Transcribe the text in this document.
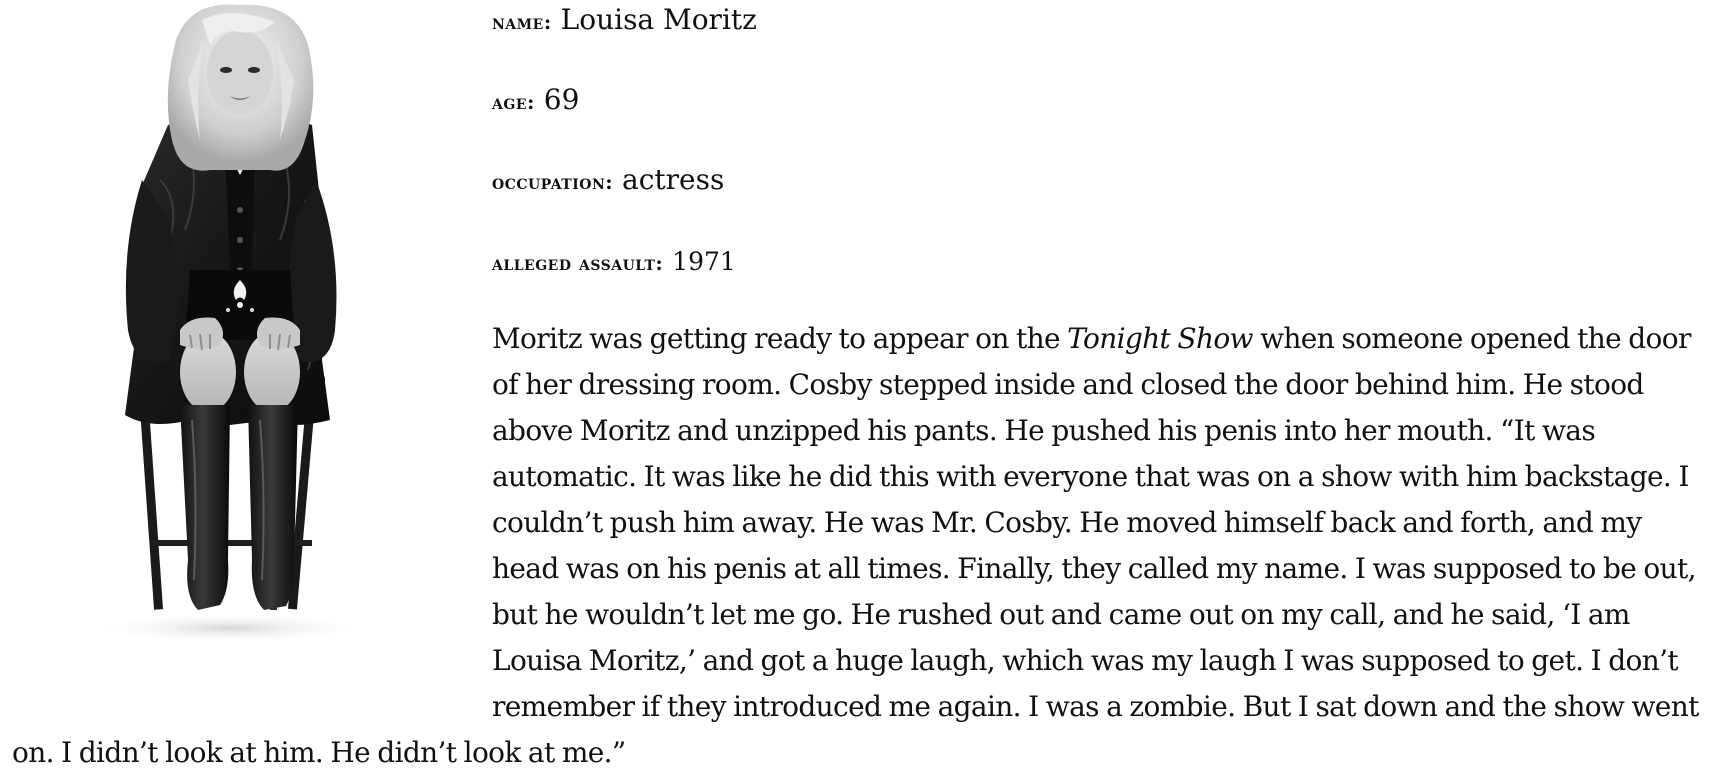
name: Louisa Moritz
age: 69
occupation: actress
alleged assault: 1971

Moritz was getting ready to appear on the Tonight Show when someone opened the door of her dressing room. Cosby stepped inside and closed the door behind him. He stood above Moritz and unzipped his pants. He pushed his penis into her mouth. “It was automatic. It was like he did this with everyone that was on a show with him backstage. I couldn’t push him away. He was Mr. Cosby. He moved himself back and forth, and my head was on his penis at all times. Finally, they called my name. I was supposed to be out, but he wouldn’t let me go. He rushed out and came out on my call, and he said, ‘I am Louisa Moritz,’ and got a huge laugh, which was my laugh I was supposed to get. I don’t remember if they introduced me again. I was a zombie. But I sat down and the show went on. I didn’t look at him. He didn’t look at me.”
